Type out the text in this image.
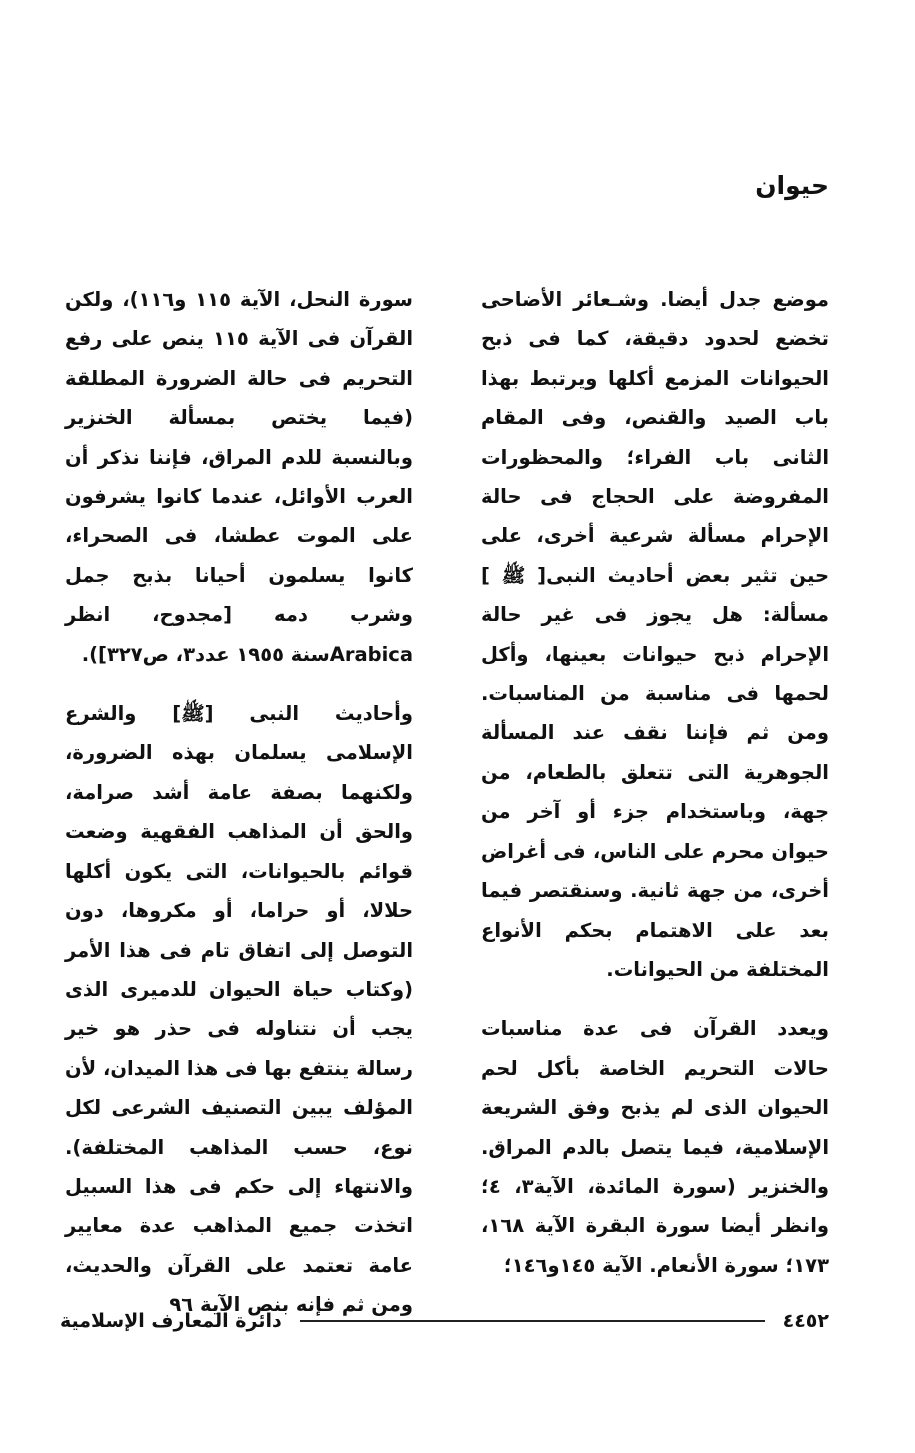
حيوان

موضع جدل أيضا. وشـعائر الأضاحى تخضع لحدود دقيقة، كما فى ذبح الحيوانات المزمع أكلها ويرتبط بهذا باب الصيد والقنص، وفى المقام الثانى باب الفراء؛ والمحظورات المفروضة على الحجاج فى حالة الإحرام مسألة شرعية أخرى، على حين تثير بعض أحاديث النبى[ ﷺ ] مسألة: هل يجوز فى غير حالة الإحرام ذبح حيوانات بعينها، وأكل لحمها فى مناسبة من المناسبات. ومن ثم فإننا نقف عند المسألة الجوهرية التى تتعلق بالطعام، من جهة، وباستخدام جزء أو آخر من حيوان محرم على الناس، فى أغراض أخرى، من جهة ثانية. وسنقتصر فيما بعد على الاهتمام بحكم الأنواع المختلفة من الحيوانات.

ويعدد القرآن فى عدة مناسبات حالات التحريم الخاصة بأكل لحم الحيوان الذى لم يذبح وفق الشريعة الإسلامية، فيما يتصل بالدم المراق. والخنزير (سورة المائدة، الآية٣، ٤؛ وانظر أيضا سورة البقرة الآية ١٦٨، ١٧٣؛ سورة الأنعام. الآية ١٤٥و١٤٦؛

سورة النحل، الآية ١١٥ و١١٦)، ولكن القرآن فى الآية ١١٥ ينص على رفع التحريم فى حالة الضرورة المطلقة (فيما يختص بمسألة الخنزير وبالنسبة للدم المراق، فإننا نذكر أن العرب الأوائل، عندما كانوا يشرفون على الموت عطشا، فى الصحراء، كانوا يسلمون أحيانا بذبح جمل وشرب دمه [مجدوح، انظر Arabicaسنة ١٩٥٥ عدد٣، ص٣٢٧]).

وأحاديث النبى [ﷺ] والشرع الإسلامى يسلمان بهذه الضرورة، ولكنهما بصفة عامة أشد صرامة، والحق أن المذاهب الفقهية وضعت قوائم بالحيوانات، التى يكون أكلها حلالا، أو حراما، أو مكروها، دون التوصل إلى اتفاق تام فى هذا الأمر (وكتاب حياة الحيوان للدميرى الذى يجب أن نتناوله فى حذر هو خير رسالة ينتفع بها فى هذا الميدان، لأن المؤلف يبين التصنيف الشرعى لكل نوع، حسب المذاهب المختلفة). والانتهاء إلى حكم فى هذا السبيل اتخذت جميع المذاهب عدة معايير عامة تعتمد على القرآن والحديث، ومن ثم فإنه بنص الآية ٩٦

٤٤٥٢
دائرة المعارف الإسلامية
